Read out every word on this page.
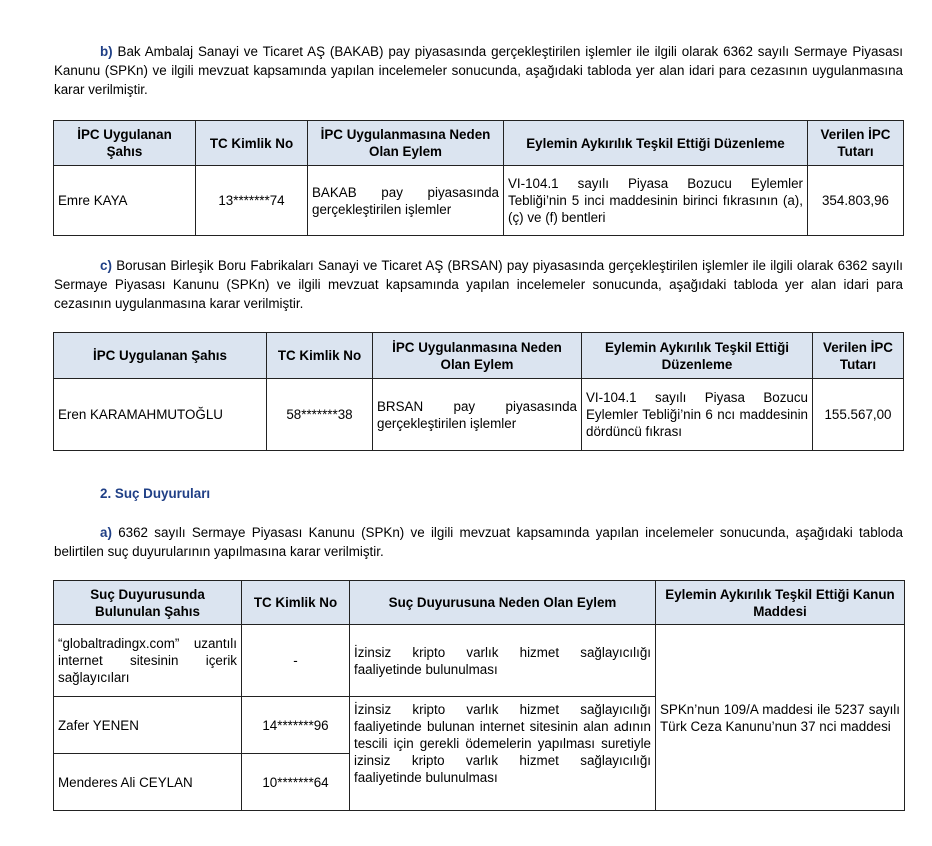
b) Bak Ambalaj Sanayi ve Ticaret AŞ (BAKAB) pay piyasasında gerçekleştirilen işlemler ile ilgili olarak 6362 sayılı Sermaye Piyasası Kanunu (SPKn) ve ilgili mevzuat kapsamında yapılan incelemeler sonucunda, aşağıdaki tabloda yer alan idari para cezasının uygulanmasına karar verilmiştir.
İPC Uygulanan Şahıs	TC Kimlik No	İPC Uygulanmasına Neden Olan Eylem	Eylemin Aykırılık Teşkil Ettiği Düzenleme	Verilen İPC Tutarı
Emre KAYA	13*******74	BAKAB pay piyasasında gerçekleştirilen işlemler	VI-104.1 sayılı Piyasa Bozucu Eylemler Tebliği’nin 5 inci maddesinin birinci fıkrasının (a), (ç) ve (f) bentleri	354.803,96
c) Borusan Birleşik Boru Fabrikaları Sanayi ve Ticaret AŞ (BRSAN) pay piyasasında gerçekleştirilen işlemler ile ilgili olarak 6362 sayılı Sermaye Piyasası Kanunu (SPKn) ve ilgili mevzuat kapsamında yapılan incelemeler sonucunda, aşağıdaki tabloda yer alan idari para cezasının uygulanmasına karar verilmiştir.
İPC Uygulanan Şahıs	TC Kimlik No	İPC Uygulanmasına Neden Olan Eylem	Eylemin Aykırılık Teşkil Ettiği Düzenleme	Verilen İPC Tutarı
Eren KARAMAHMUTOĞLU	58*******38	BRSAN pay piyasasında gerçekleştirilen işlemler	VI-104.1 sayılı Piyasa Bozucu Eylemler Tebliği’nin 6 ncı maddesinin dördüncü fıkrası	155.567,00
2. Suç Duyuruları
a) 6362 sayılı Sermaye Piyasası Kanunu (SPKn) ve ilgili mevzuat kapsamında yapılan incelemeler sonucunda, aşağıdaki tabloda belirtilen suç duyurularının yapılmasına karar verilmiştir.
Suç Duyurusunda Bulunulan Şahıs	TC Kimlik No	Suç Duyurusuna Neden Olan Eylem	Eylemin Aykırılık Teşkil Ettiği Kanun Maddesi
“globaltradingx.com” uzantılı internet sitesinin içerik sağlayıcıları	-	İzinsiz kripto varlık hizmet sağlayıcılığı faaliyetinde bulunulması	SPKn’nun 109/A maddesi ile 5237 sayılı Türk Ceza Kanunu’nun 37 nci maddesi
Zafer YENEN	14*******96	İzinsiz kripto varlık hizmet sağlayıcılığı faaliyetinde bulunan internet sitesinin alan adının tescili için gerekli ödemelerin yapılması suretiyle izinsiz kripto varlık hizmet sağlayıcılığı faaliyetinde bulunulması	
Menderes Ali CEYLAN	10*******64		
